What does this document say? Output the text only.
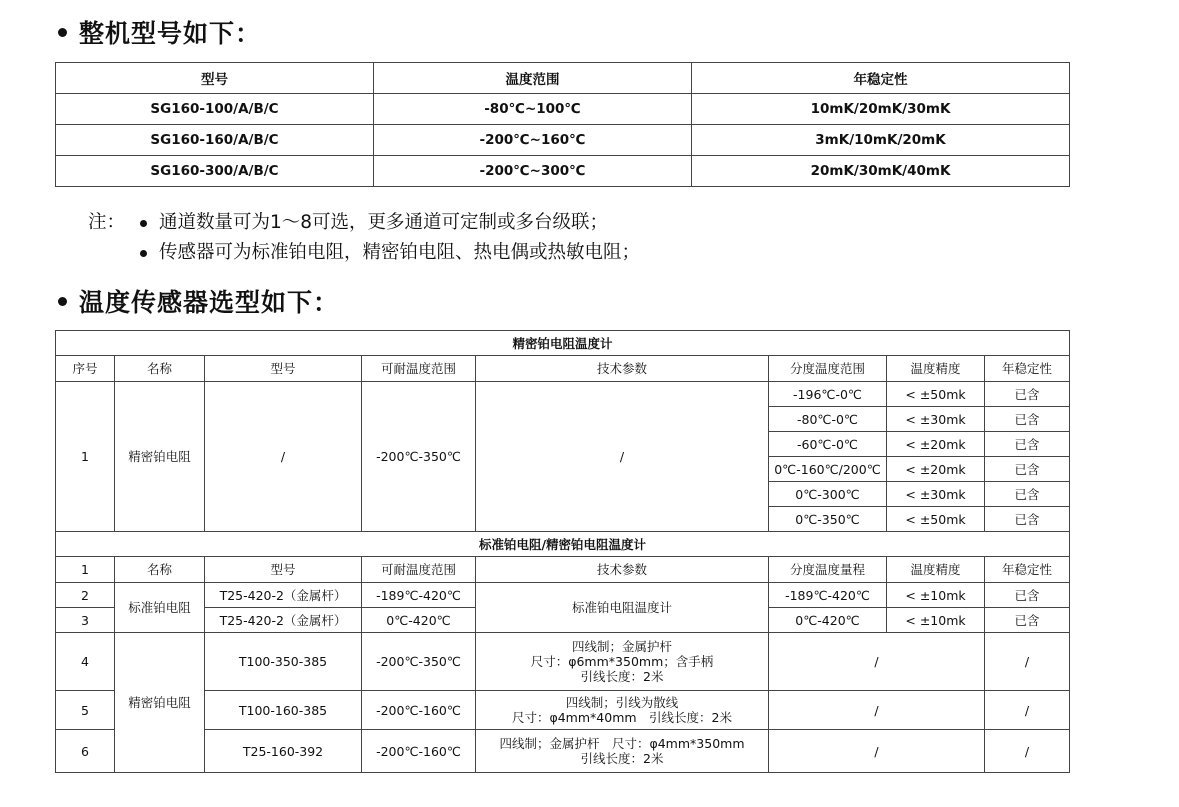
整机型号如下：
型号	温度范围	年稳定性
SG160-100/A/B/C	-80℃~100℃	10mK/20mK/30mK
SG160-160/A/B/C	-200℃~160℃	3mK/10mK/20mK
SG160-300/A/B/C	-200℃~300℃	20mK/30mK/40mK
注：	通道数量可为1～8可选，更多通道可定制或多台级联；
传感器可为标准铂电阻，精密铂电阻、热电偶或热敏电阻；
温度传感器选型如下：
精密铂电阻温度计							
序号	名称	型号	可耐温度范围	技术参数	分度温度范围	温度精度	年稳定性
1	精密铂电阻	/	-200℃-350℃	/	-196℃-0℃	< ±50mk	已含
					-80℃-0℃	< ±30mk	已含
					-60℃-0℃	< ±20mk	已含
					0℃-160℃/200℃	< ±20mk	已含
					0℃-300℃	< ±30mk	已含
					0℃-350℃	< ±50mk	已含
标准铂电阻/精密铂电阻温度计							
1	名称	型号	可耐温度范围	技术参数	分度温度量程	温度精度	年稳定性
2	标准铂电阻	T25-420-2（金属杆）	-189℃-420℃	标准铂电阻温度计	-189℃-420℃	< ±10mk	已含
3		T25-420-2（金属杆）	0℃-420℃		0℃-420℃	< ±10mk	已含
4	精密铂电阻	T100-350-385	-200℃-350℃	四线制；金属护杆
尺寸：φ6mm*350mm；含手柄
引线长度：2米	/		/
5		T100-160-385	-200℃-160℃	四线制；引线为散线
尺寸：φ4mm*40mm　引线长度：2米	/		/
6		T25-160-392	-200℃-160℃	四线制；金属护杆　尺寸：φ4mm*350mm
引线长度：2米	/		/
